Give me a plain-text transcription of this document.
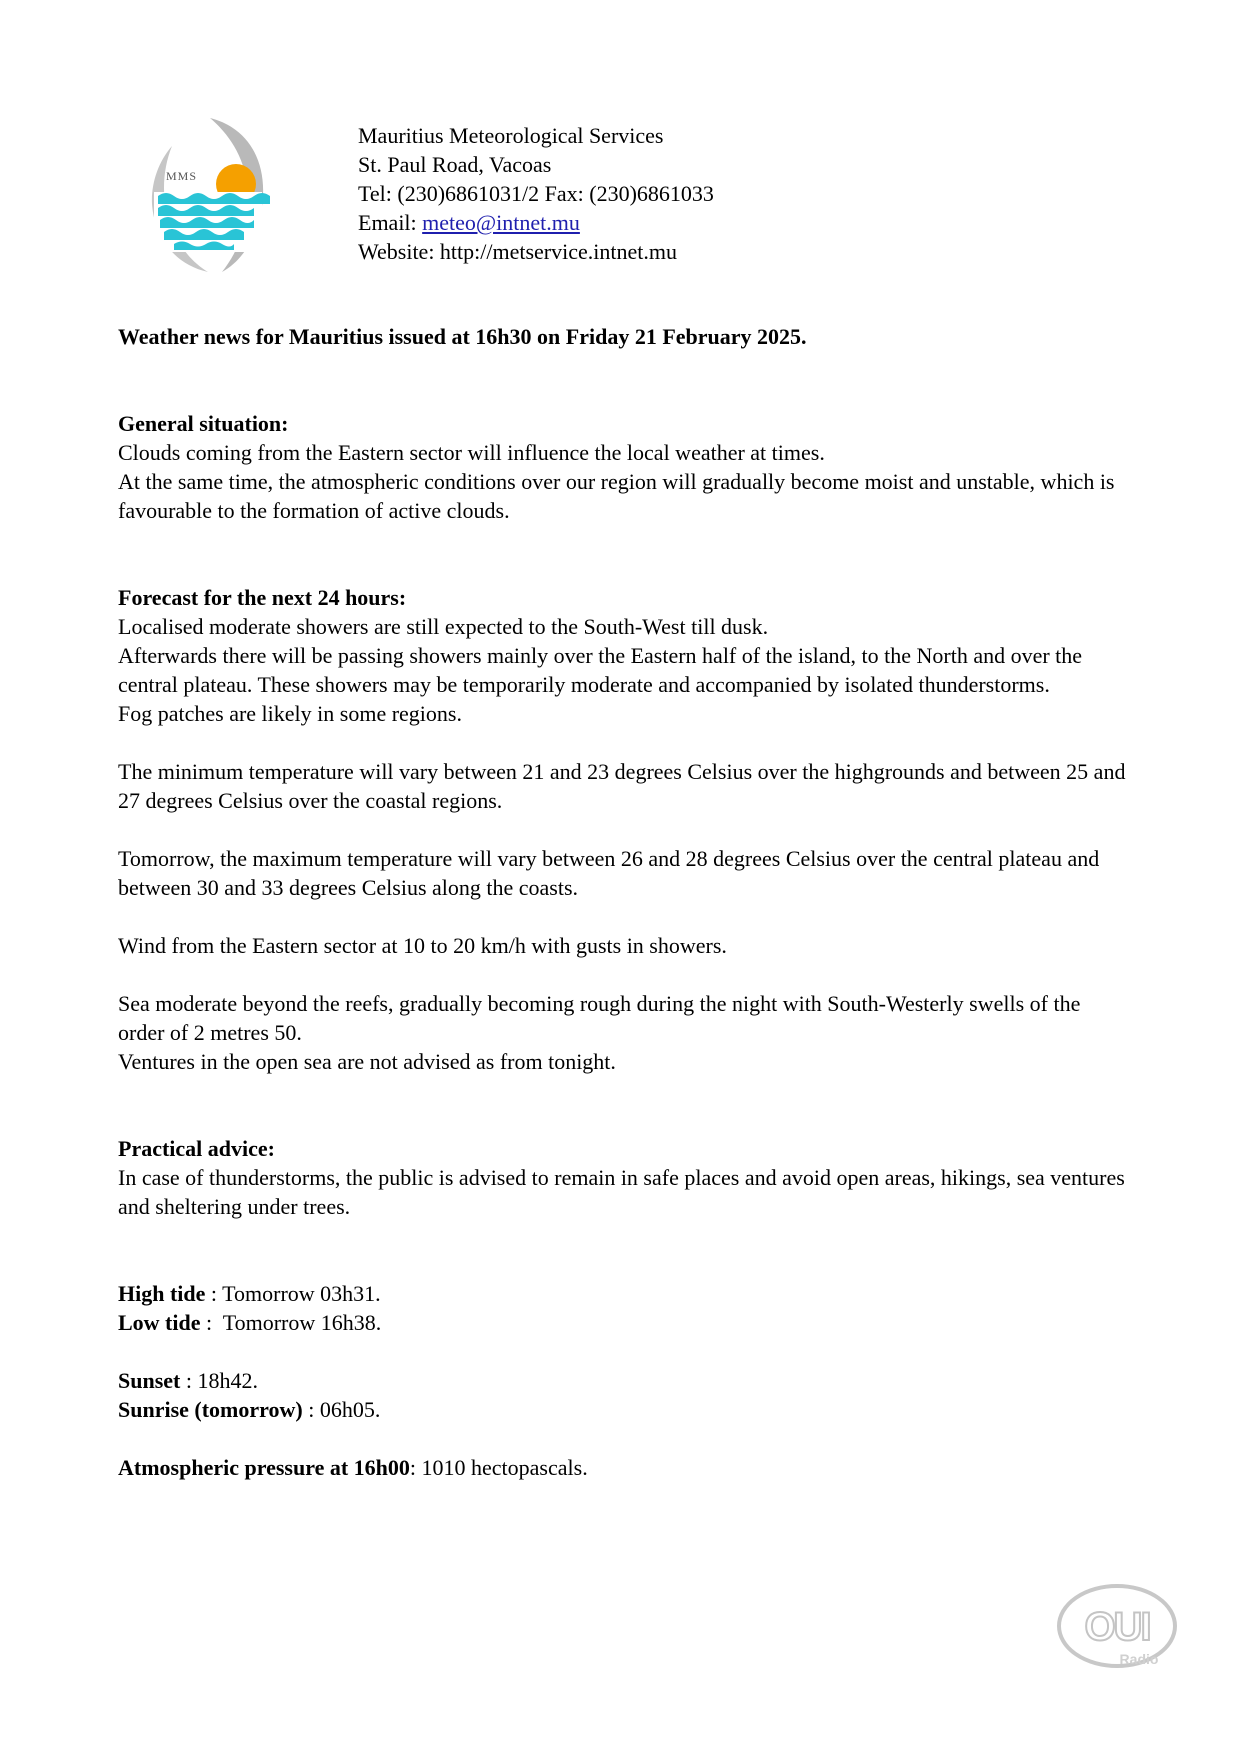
MMS
Mauritius Meteorological Services
St. Paul Road, Vacoas
Tel: (230)6861031/2 Fax: (230)6861033
Email: meteo@intnet.mu
Website: http://metservice.intnet.mu

Weather news for Mauritius issued at 16h30 on Friday 21 February 2025.

General situation:

Clouds coming from the Eastern sector will influence the local weather at times.

At the same time, the atmospheric conditions over our region will gradually become moist and unstable, which is favourable to the formation of active clouds.

Forecast for the next 24 hours:

Localised moderate showers are still expected to the South-West till dusk.

Afterwards there will be passing showers mainly over the Eastern half of the island, to the North and over the central plateau. These showers may be temporarily moderate and accompanied by isolated thunderstorms.

Fog patches are likely in some regions.

The minimum temperature will vary between 21 and 23 degrees Celsius over the highgrounds and between 25 and 27 degrees Celsius over the coastal regions.

Tomorrow, the maximum temperature will vary between 26 and 28 degrees Celsius over the central plateau and between 30 and 33 degrees Celsius along the coasts.

Wind from the Eastern sector at 10 to 20 km/h with gusts in showers.

Sea moderate beyond the reefs, gradually becoming rough during the night with South-Westerly swells of the order of 2 metres 50.

Ventures in the open sea are not advised as from tonight.

Practical advice:

In case of thunderstorms, the public is advised to remain in safe places and avoid open areas, hikings, sea ventures and sheltering under trees.

High tide : Tomorrow 03h31.

Low tide :  Tomorrow 16h38.

Sunset : 18h42.

Sunrise (tomorrow) : 06h05.

Atmospheric pressure at 16h00: 1010 hectopascals.

OUI
Radio
